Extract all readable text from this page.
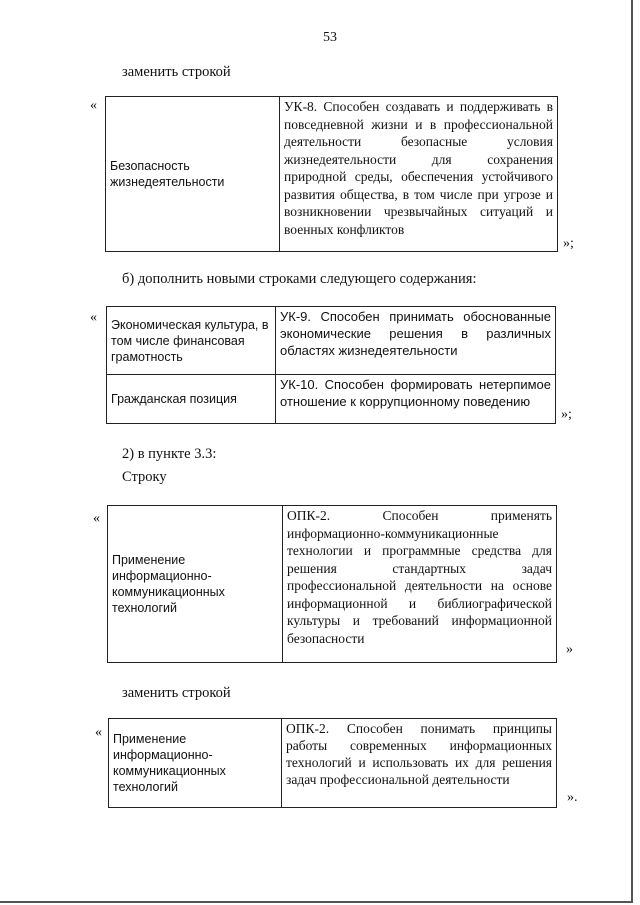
53
заменить строкой
«
Безопасность жизнедеятельности	УК-8. Способен создавать и поддерживать в повседневной жизни и в профессиональной деятельности безопасные условия жизнедеятельности для сохранения природной среды, обеспечения устойчивого развития общества, в том числе при угрозе и возникновении чрезвычайных ситуаций и военных конфликтов
»;
б) дополнить новыми строками следующего содержания:
« Экономическая культура, в том числе финансовая грамотность	УК-9. Способен принимать обоснованные экономические решения в различных областях жизнедеятельности
Гражданская позиция	УК-10. Способен формировать нетерпимое отношение к коррупционному поведению
»;
2) в пункте 3.3:
Строку
«
Применение информационно-коммуникационных технологий	ОПК-2. Способен применять информационно-коммуникационные технологии и программные средства для решения стандартных задач профессиональной деятельности на основе информационной и библиографической культуры и требований информационной безопасности
»
заменить строкой
« Применение информационно-коммуникационных технологий	ОПК-2. Способен понимать принципы работы современных информационных технологий и использовать их для решения задач профессиональной деятельности
».
